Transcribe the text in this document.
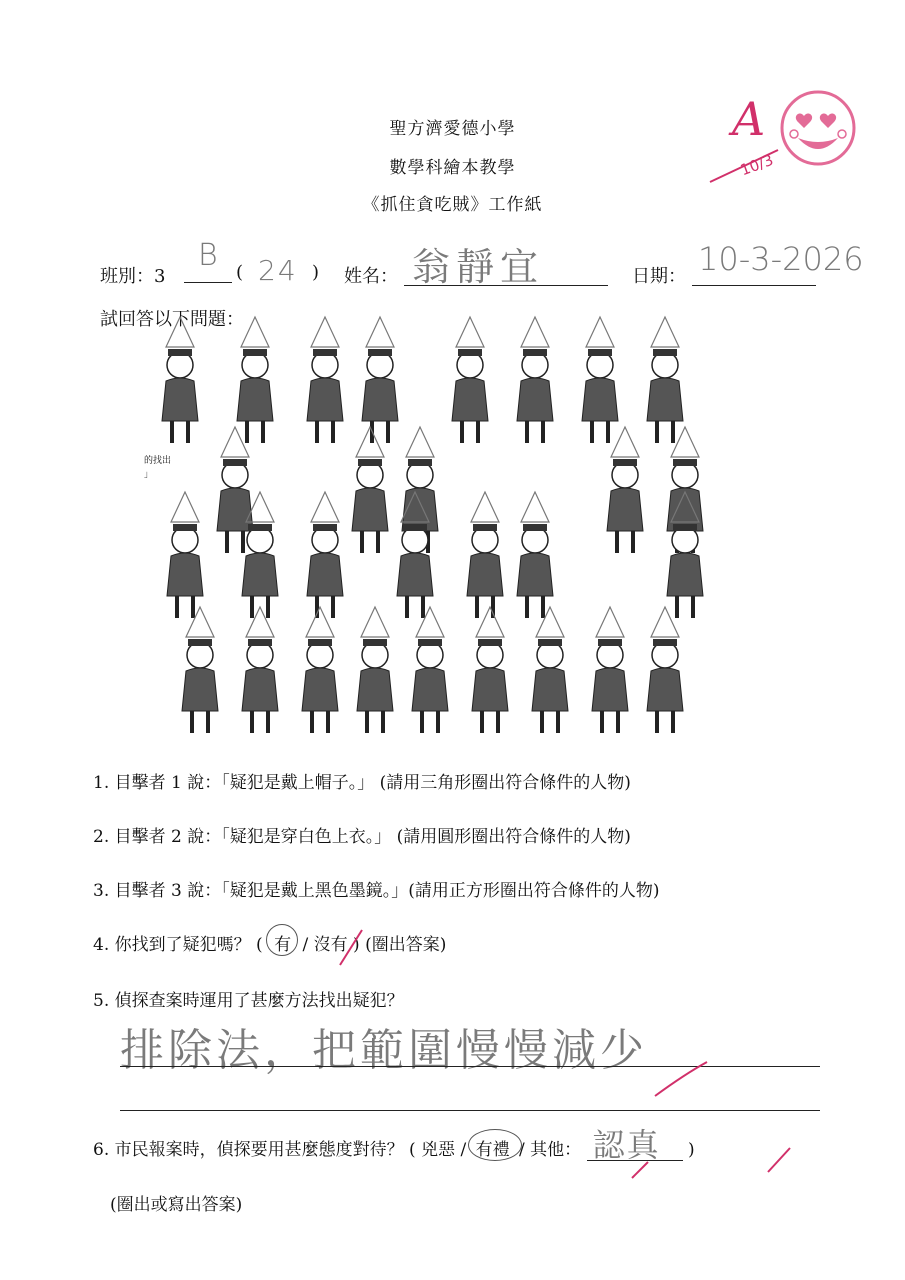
聖方濟愛德小學
數學科繪本教學
《抓住貪吃賊》工作紙
A
10/3
班別：3
B ( 24 ) 姓名： 翁靜宜	日期： 10-3-2026
試回答以下問題：
的找出
」
1. 目擊者 1 說：「疑犯是戴上帽子。」 (請用三角形圈出符合條件的人物)
2. 目擊者 2 說：「疑犯是穿白色上衣。」 (請用圓形圈出符合條件的人物)
3. 目擊者 3 說：「疑犯是戴上黑色墨鏡。」(請用正方形圈出符合條件的人物)
4. 你找到了疑犯嗎？ ( 有 / 沒有 ) (圈出答案)
5. 偵探查案時運用了甚麼方法找出疑犯？
排除法，把範圍慢慢減少
6. 市民報案時，偵探要用甚麼態度對待？ ( 兇惡 / 有禮 / 其他： 認真 )
(圈出或寫出答案)
